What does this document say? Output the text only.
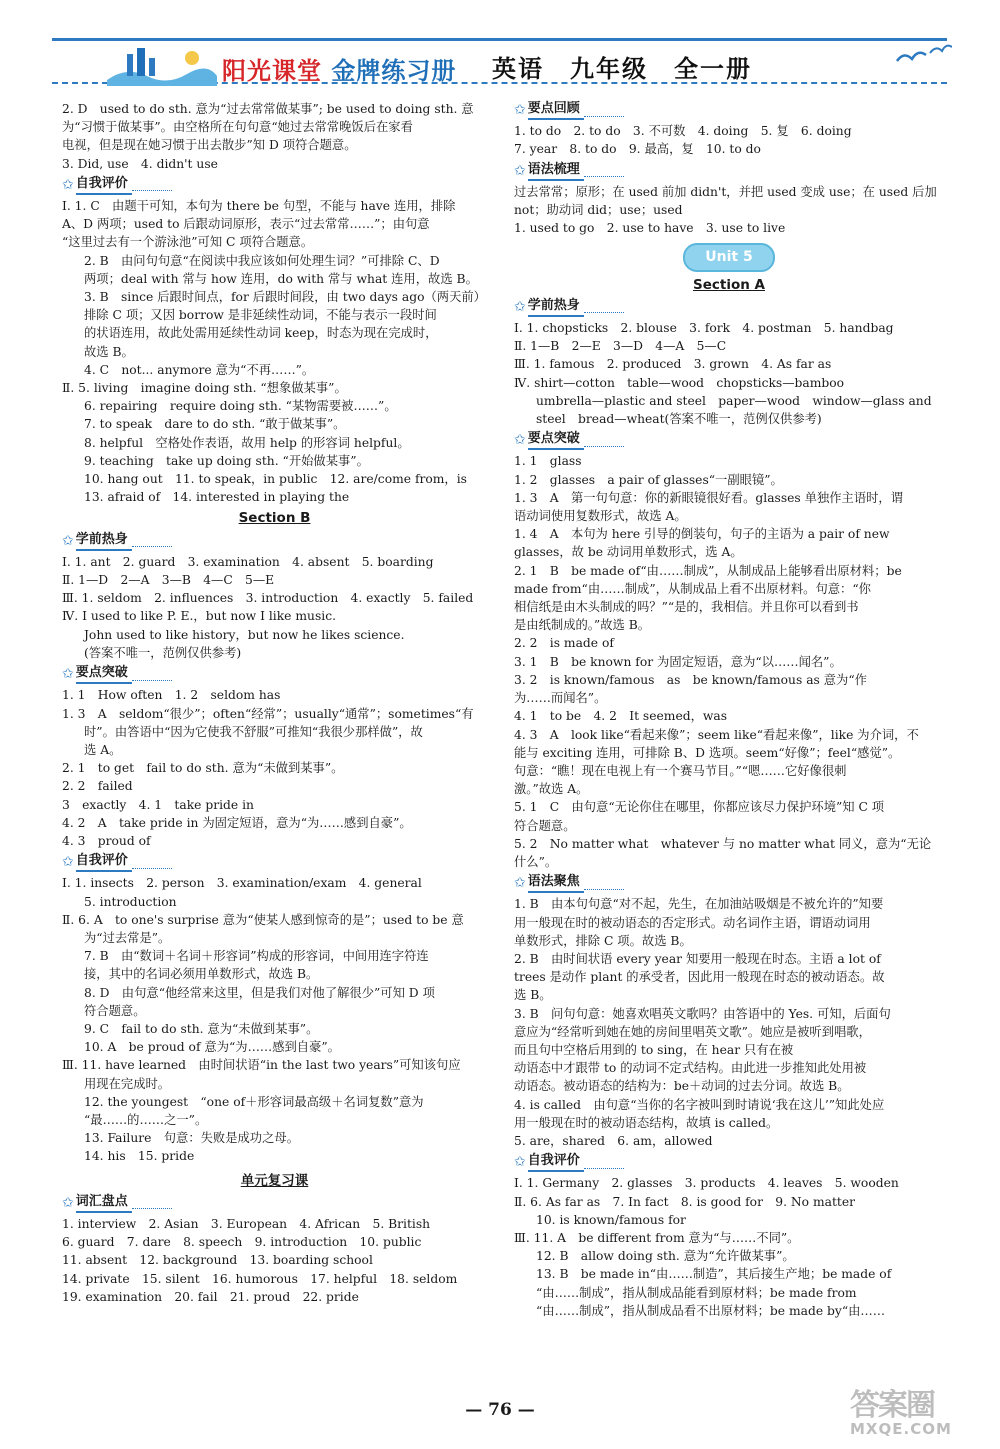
阳光课堂 金牌练习册 英语　九年级　全一册
2. D　used to do sth. 意为“过去常常做某事”; be used to doing sth. 意
为“习惯于做某事”。由空格所在句句意“她过去常常晚饭后在家看
电视，但是现在她习惯于出去散步”知 D 项符合题意。
3. Did, use　4. didn't use
✩ 自我评价
Ⅰ. 1. C　由题干可知，本句为 there be 句型，不能与 have 连用，排除
A、D 两项；used to 后跟动词原形，表示“过去常常……”；由句意
“这里过去有一个游泳池”可知 C 项符合题意。
2. B　由问句句意“在阅读中我应该如何处理生词？”可排除 C、D
两项；deal with 常与 how 连用，do with 常与 what 连用，故选 B。
3. B　since 后跟时间点，for 后跟时间段，由 two days ago（两天前）
排除 C 项；又因 borrow 是非延续性动词，不能与表示一段时间
的状语连用，故此处需用延续性动词 keep，时态为现在完成时，
故选 B。
4. C　not... anymore 意为“不再……”。
Ⅱ. 5. living　imagine doing sth. “想象做某事”。
6. repairing　require doing sth. “某物需要被……”。
7. to speak　dare to do sth. “敢于做某事”。
8. helpful　空格处作表语，故用 help 的形容词 helpful。
9. teaching　take up doing sth. “开始做某事”。
10. hang out　11. to speak，in public　12. are/come from，is
13. afraid of　14. interested in playing the
Section B
✩ 学前热身
Ⅰ. 1. ant　2. guard　3. examination　4. absent　5. boarding
Ⅱ. 1—D　2—A　3—B　4—C　5—E
Ⅲ. 1. seldom　2. influences　3. introduction　4. exactly　5. failed
Ⅳ. I used to like P. E.，but now I like music.
John used to like history，but now he likes science.
(答案不唯一，范例仅供参考)
✩ 要点突破
1. 1　How often　1. 2　seldom has
1. 3　A　seldom“很少”；often“经常”；usually“通常”；sometimes“有
时”。由答语中“因为它使我不舒服”可推知“我很少那样做”，故
选 A。
2. 1　to get　fail to do sth. 意为“未做到某事”。
2. 2　failed
3　exactly　4. 1　take pride in
4. 2　A　take pride in 为固定短语，意为“为……感到自豪”。
4. 3　proud of
✩ 自我评价
Ⅰ. 1. insects　2. person　3. examination/exam　4. general
5. introduction
Ⅱ. 6. A　to one's surprise 意为“使某人感到惊奇的是”；used to be 意
为“过去常是”。
7. B　由“数词＋名词＋形容词”构成的形容词，中间用连字符连
接，其中的名词必须用单数形式，故选 B。
8. D　由句意“他经常来这里，但是我们对他了解很少”可知 D 项
符合题意。
9. C　fail to do sth. 意为“未做到某事”。
10. A　be proud of 意为“为……感到自豪”。
Ⅲ. 11. have learned　由时间状语“in the last two years”可知该句应
用现在完成时。
12. the youngest　“one of＋形容词最高级＋名词复数”意为
“最……的……之一”。
13. Failure　句意：失败是成功之母。
14. his　15. pride
单元复习课
✩ 词汇盘点
1. interview　2. Asian　3. European　4. African　5. British
6. guard　7. dare　8. speech　9. introduction　10. public
11. absent　12. background　13. boarding school
14. private　15. silent　16. humorous　17. helpful　18. seldom
19. examination　20. fail　21. proud　22. pride
✩ 要点回顾
1. to do　2. to do　3. 不可数　4. doing　5. 复　6. doing
7. year　8. to do　9. 最高，复　10. to do
✩ 语法梳理
过去常常；原形；在 used 前加 didn't，并把 used 变成 use；在 used 后加
not；助动词 did；use；used
1. used to go　2. use to have　3. use to live
Unit 5
Section A
✩ 学前热身
Ⅰ. 1. chopsticks　2. blouse　3. fork　4. postman　5. handbag
Ⅱ. 1—B　2—E　3—D　4—A　5—C
Ⅲ. 1. famous　2. produced　3. grown　4. As far as
Ⅳ. shirt—cotton　table—wood　chopsticks—bamboo
umbrella—plastic and steel　paper—wood　window—glass and
steel　bread—wheat(答案不唯一，范例仅供参考)
✩ 要点突破
1. 1　glass
1. 2　glasses　a pair of glasses“一副眼镜”。
1. 3　A　第一句句意：你的新眼镜很好看。glasses 单独作主语时，谓
语动词使用复数形式，故选 A。
1. 4　A　本句为 here 引导的倒装句，句子的主语为 a pair of new
glasses，故 be 动词用单数形式，选 A。
2. 1　B　be made of“由……制成”，从制成品上能够看出原材料；be
made from“由……制成”，从制成品上看不出原材料。句意：“你
相信纸是由木头制成的吗？”“是的，我相信。并且你可以看到书
是由纸制成的。”故选 B。
2. 2　is made of
3. 1　B　be known for 为固定短语，意为“以……闻名”。
3. 2　is known/famous　as　be known/famous as 意为“作
为……而闻名”。
4. 1　to be　4. 2　It seemed，was
4. 3　A　look like“看起来像”；seem like“看起来像”，like 为介词，不
能与 exciting 连用，可排除 B、D 选项。seem“好像”；feel“感觉”。
句意：“瞧！现在电视上有一个赛马节目。”“嗯……它好像很刺
激。”故选 A。
5. 1　C　由句意“无论你住在哪里，你都应该尽力保护环境”知 C 项
符合题意。
5. 2　No matter what　whatever 与 no matter what 同义，意为“无论
什么”。
✩ 语法聚焦
1. B　由本句句意“对不起，先生，在加油站吸烟是不被允许的”知要
用一般现在时的被动语态的否定形式。动名词作主语，谓语动词用
单数形式，排除 C 项。故选 B。
2. B　由时间状语 every year 知要用一般现在时态。主语 a lot of
trees 是动作 plant 的承受者，因此用一般现在时态的被动语态。故
选 B。
3. B　问句句意：她喜欢唱英文歌吗？由答语中的 Yes. 可知，后面句
意应为“经常听到她在她的房间里唱英文歌”。她应是被听到唱歌，
而且句中空格后用到的 to sing，在 hear 只有在被
动语态中才跟带 to 的动词不定式结构。由此进一步推知此处用被
动语态。被动语态的结构为：be＋动词的过去分词。故选 B。
4. is called　由句意“当你的名字被叫到时请说‘我在这儿’”知此处应
用一般现在时的被动语态结构，故填 is called。
5. are，shared　6. am，allowed
✩ 自我评价
Ⅰ. 1. Germany　2. glasses　3. products　4. leaves　5. wooden
Ⅱ. 6. As far as　7. In fact　8. is good for　9. No matter
10. is known/famous for
Ⅲ. 11. A　be different from 意为“与……不同”。
12. B　allow doing sth. 意为“允许做某事”。
13. B　be made in“由……制造”，其后接生产地；be made of
“由……制成”，指从制成品能看到原材料；be made from
“由……制成”，指从制成品看不出原材料；be made by“由……
— 76 —	答案圈
MXQE.COM
